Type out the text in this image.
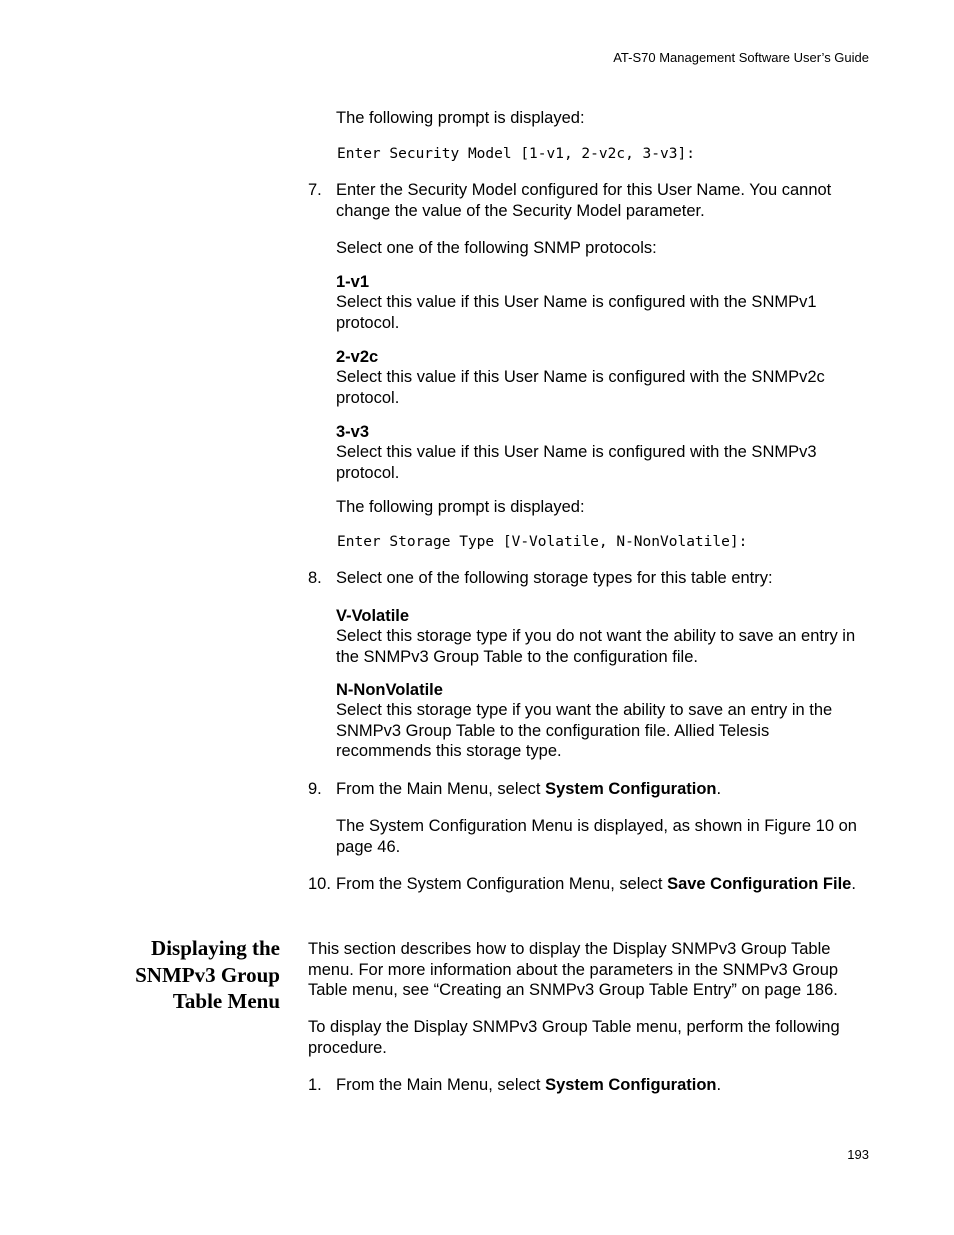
AT-S70 Management Software User’s Guide
The following prompt is displayed:
Enter Security Model [1-v1, 2-v2c, 3-v3]:
7. Enter the Security Model configured for this User Name. You cannot change the value of the Security Model parameter.
Select one of the following SNMP protocols:
1-v1
Select this value if this User Name is configured with the SNMPv1 protocol.
2-v2c
Select this value if this User Name is configured with the SNMPv2c protocol.
3-v3
Select this value if this User Name is configured with the SNMPv3 protocol.
The following prompt is displayed:
Enter Storage Type [V-Volatile, N-NonVolatile]:
8. Select one of the following storage types for this table entry:
V-Volatile
Select this storage type if you do not want the ability to save an entry in the SNMPv3 Group Table to the configuration file.
N-NonVolatile
Select this storage type if you want the ability to save an entry in the SNMPv3 Group Table to the configuration file. Allied Telesis recommends this storage type.
9. From the Main Menu, select System Configuration.
The System Configuration Menu is displayed, as shown in Figure 10 on page 46.
10. From the System Configuration Menu, select Save Configuration File.
Displaying the
SNMPv3 Group
Table Menu
This section describes how to display the Display SNMPv3 Group Table menu. For more information about the parameters in the SNMPv3 Group Table menu, see “Creating an SNMPv3 Group Table Entry” on page 186.
To display the Display SNMPv3 Group Table menu, perform the following procedure.
1. From the Main Menu, select System Configuration.
193
